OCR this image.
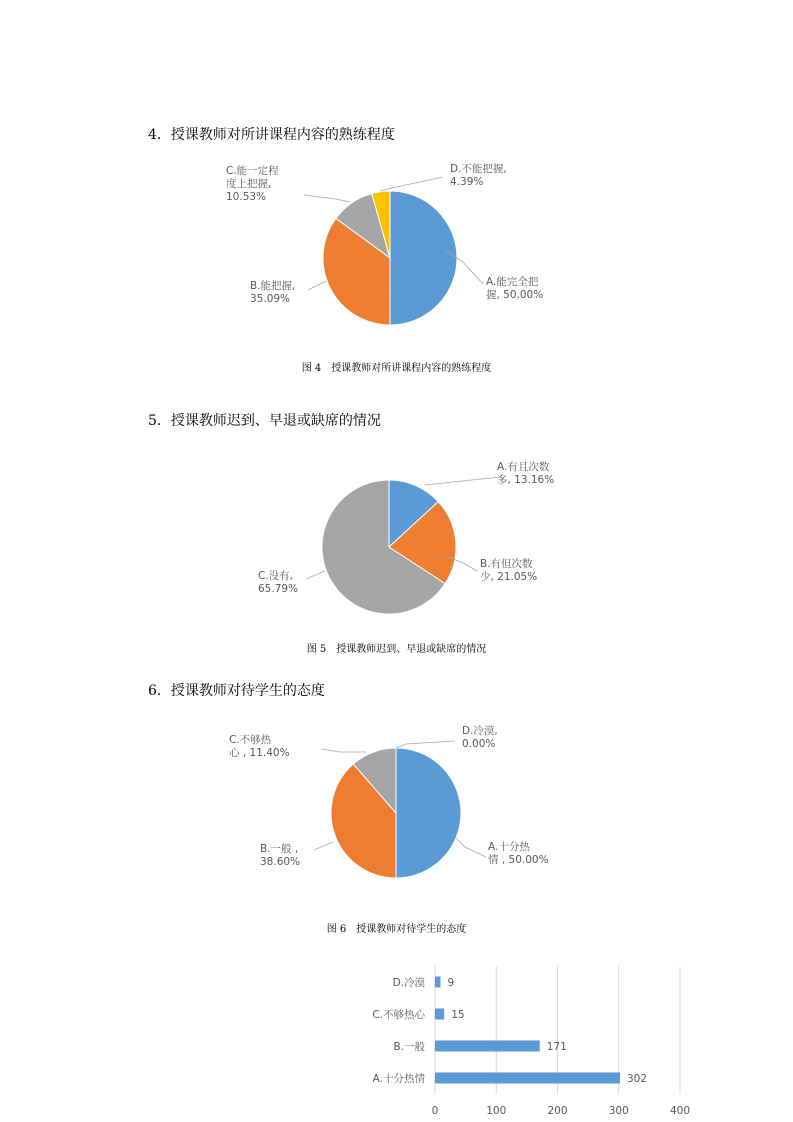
4．授课教师对所讲课程内容的熟练程度
A.能完全把握, 50.00%
B.能把握, 35.09%
C.能一定程度上把握, 10.53%
D.不能把握, 4.39%
图 4　授课教师对所讲课程内容的熟练程度
5．授课教师迟到、早退或缺席的情况
A.有且次数多, 13.16%
B.有但次数少, 21.05%
C.没有, 65.79%
图 5　授课教师迟到、早退或缺席的情况
6．授课教师对待学生的态度
A.十分热情 , 50.00%
B.一般 , 38.60%
C.不够热心 , 11.40%
D.冷漠, 0.00%
图 6　授课教师对待学生的态度
0	100	200	300	400
D.冷漠 9
C.不够热心 15
B.一般	171
A.十分热情	302
